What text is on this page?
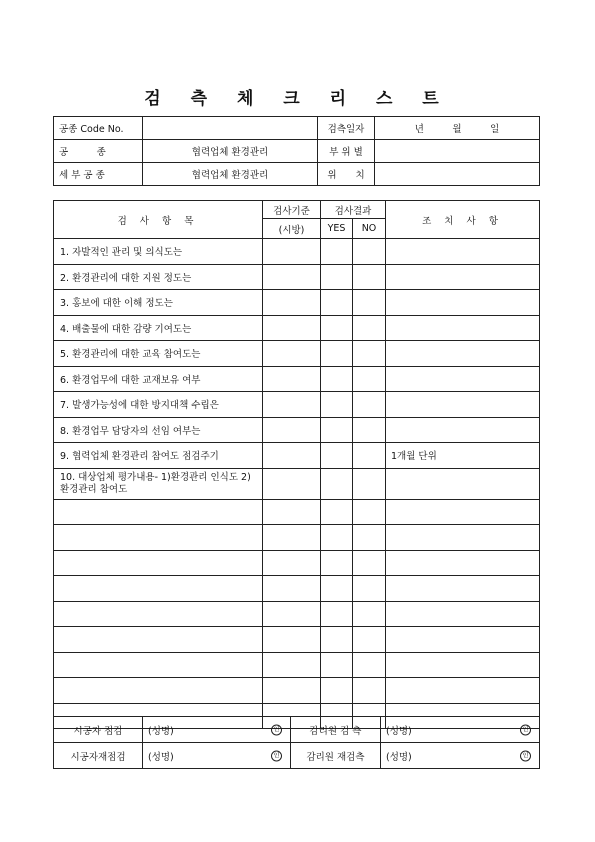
검 측 체 크 리 스 트
공종 Code No.		검측일자	년　　　월　　　일
공　　　종	협력업체 환경관리	부 위 별	
세 부 공 종	협력업체 환경관리	위　　치	
검 사 항 목	검사기준	검사결과		조 치 사 항
	(시방)	YES	NO	
1. 자발적인 관리 및 의식도는				
2. 환경관리에 대한 지원 정도는				
3. 홍보에 대한 이해 정도는				
4. 배출물에 대한 감량 기여도는				
5. 환경관리에 대한 교육 참여도는				
6. 환경업무에 대한 교재보유 여부				
7. 발생가능성에 대한 방지대책 수립은				
8. 환경업무 담당자의 선임 여부는				
9. 협력업체 환경관리 참여도 점검주기				1개월 단위
10. 대상업체 평가내용- 1)환경관리 인식도 2)환경관리 참여도				

시공자 점검	(성명) 인	감리원 검 측	(성명) 인

시공자재점검	(성명) 인	감리원 재검측	(성명) 인
